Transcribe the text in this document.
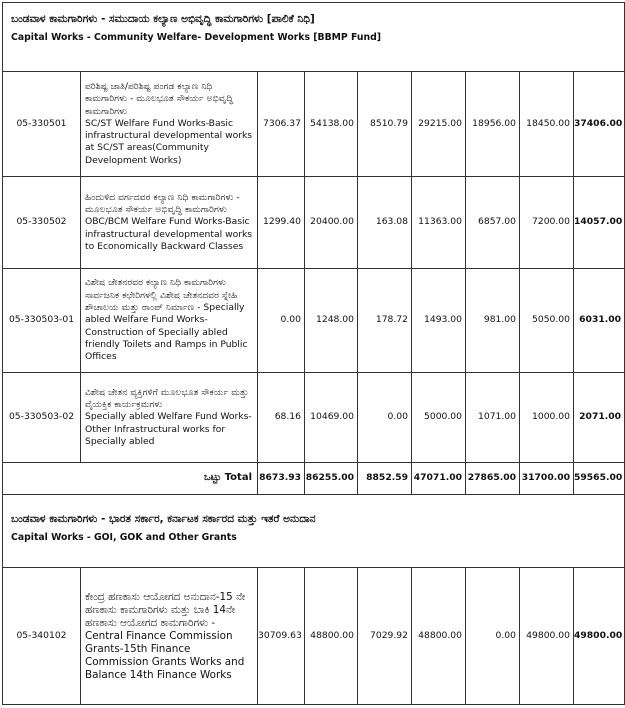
ಬಂಡವಾಳ ಕಾಮಗಾರಿಗಳು - ಸಮುದಾಯ ಕಲ್ಯಾಣ ಅಭಿವೃದ್ಧಿ ಕಾಮಗಾರಿಗಳು [ಪಾಲಿಕೆ ನಿಧಿ]
Capital Works - Community Welfare- Development Works [BBMP Fund]								

05-330501	ಪರಿಶಿಷ್ಟ ಜಾತಿ/ಪರಿಶಿಷ್ಟ ಪಂಗಡ ಕಲ್ಯಾಣ ನಿಧಿ ಕಾಮಗಾರಿಗಳು - ಮೂಲಭೂತ ಸೌಕರ್ಯ ಅಭಿವೃದ್ಧಿ ಕಾಮಗಾರಿಗಳು
SC/ST Welfare Fund Works-Basic infrastructural developmental works at SC/ST areas(Community Development Works)	7306.37	54138.00	8510.79	29215.00	18956.00	18450.00	37406.00
05-330502	ಹಿಂದುಳಿದ ವರ್ಗದವರ ಕಲ್ಯಾಣ ನಿಧಿ ಕಾಮಗಾರಿಗಳು - ಮೂಲಭೂತ ಸೌಕರ್ಯ ಅಭಿವೃದ್ಧಿ ಕಾಮಗಾರಿಗಳು
OBC/BCM Welfare Fund Works-Basic infrastructural developmental works to Economically Backward Classes	1299.40	20400.00	163.08	11363.00	6857.00	7200.00	14057.00
05-330503-01	ವಿಶೇಷ ಚೇತನರವರ ಕಲ್ಯಾಣ ನಿಧಿ ಕಾಮಗಾರಿಗಳು ಸಾರ್ವಜನಿಕ ಕಛೇರಿಗಳಲ್ಲಿ ವಿಶೇಷ ಚೇತನದವರ ಸ್ನೇಹಿ ಶೌಚಾಲಯ ಮತ್ತು ರಾಂಪ್ ನಿರ್ಮಾಣ - Specially abled Welfare Fund Works- Construction of Specially abled friendly Toilets and Ramps in Public Offices	0.00	1248.00	178.72	1493.00	981.00	5050.00	6031.00
05-330503-02	ವಿಶೇಷ ಚೇತನ ವ್ಯಕ್ತಿಗಳಿಗೆ ಮೂಲಭೂತ ಸೌಕರ್ಯ ಮತ್ತು ವೈಯಕ್ತಿಕ ಕಾರ್ಯಕ್ರಮಗಳು
Specially abled Welfare Fund Works- Other Infrastructural works for Specially abled	68.16	10469.00	0.00	5000.00	1071.00	1000.00	2071.00
ಒಟ್ಟು Total		8673.93	86255.00	8852.59	47071.00	27865.00	31700.00	59565.00

ಬಂಡವಾಳ ಕಾಮಗಾರಿಗಳು - ಭಾರತ ಸರ್ಕಾರ, ಕರ್ನಾಟಕ ಸರ್ಕಾರದ ಮತ್ತು ಇತರೆ ಅನುದಾನ
Capital Works - GOI, GOK and Other Grants								

05-340102	ಕೇಂದ್ರ ಹಣಕಾಸು ಆಯೋಗದ ಅನುದಾನ-15 ನೇ ಹಣಕಾಸು ಕಾಮಗಾರಿಗಳು ಮತ್ತು ಬಾಕಿ 14ನೇ ಹಣಕಾಸು ಆಯೋಗದ ಕಾಮಗಾರಿಗಳು -
Central Finance Commission Grants-15th Finance Commission Grants Works and Balance 14th Finance Works	30709.63	48800.00	7029.92	48800.00	0.00	49800.00	49800.00
